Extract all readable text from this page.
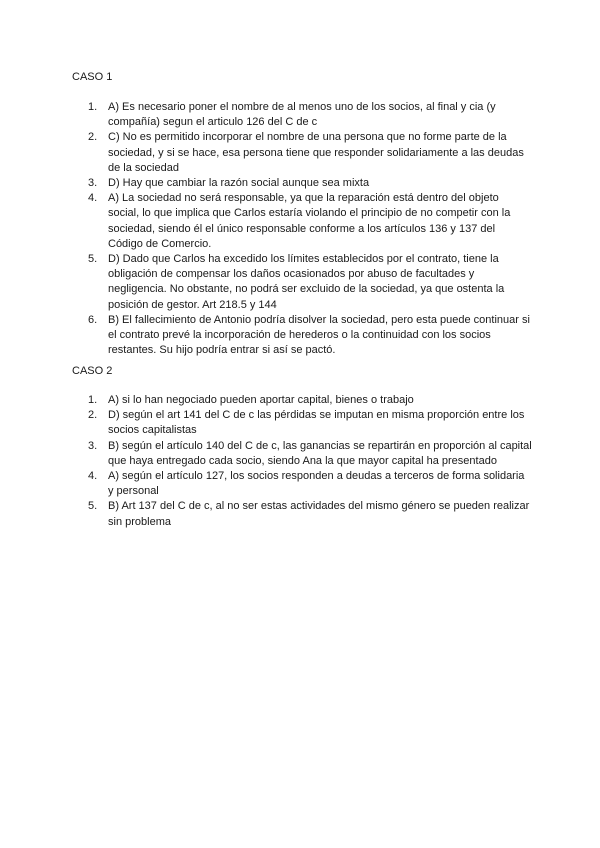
CASO 1
1. A) Es necesario poner el nombre de al menos uno de los socios, al final y cia (y compañía) segun el articulo 126 del C de c
2. C) No es permitido incorporar el nombre de una persona que no forme parte de la sociedad, y si se hace, esa persona tiene que responder solidariamente a las deudas de la sociedad
3. D) Hay que cambiar la razón social aunque sea mixta
4. A) La sociedad no será responsable, ya que la reparación está dentro del objeto social, lo que implica que Carlos estaría violando el principio de no competir con la sociedad, siendo él el único responsable conforme a los artículos 136 y 137 del Código de Comercio.
5. D) Dado que Carlos ha excedido los límites establecidos por el contrato, tiene la obligación de compensar los daños ocasionados por abuso de facultades y negligencia. No obstante, no podrá ser excluido de la sociedad, ya que ostenta la posición de gestor. Art 218.5 y 144
6. B) El fallecimiento de Antonio podría disolver la sociedad, pero esta puede continuar si el contrato prevé la incorporación de herederos o la continuidad con los socios restantes. Su hijo podría entrar si así se pactó.
CASO 2
1. A) si lo han negociado pueden aportar capital, bienes o trabajo
2. D) según el art 141 del C de c las pérdidas se imputan en misma proporción entre los socios capitalistas
3. B) según el artículo 140 del C de c, las ganancias se repartirán en proporción al capital que haya entregado cada socio, siendo Ana la que mayor capital ha presentado
4. A) según el artículo 127, los socios responden a deudas a terceros de forma solidaria y personal
5. B) Art 137 del C de c, al no ser estas actividades del mismo género se pueden realizar sin problema
